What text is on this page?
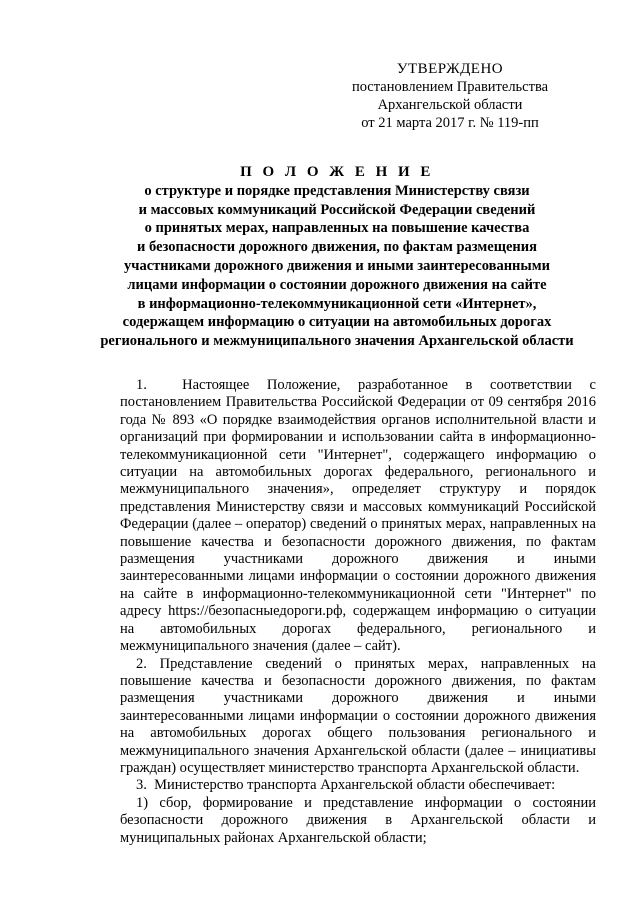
УТВЕРЖДЕНО
постановлением Правительства
Архангельской области
от 21 марта 2017 г. № 119-пп
П О Л О Ж Е Н И Е
о структуре и порядке представления Министерству связи
и массовых коммуникаций Российской Федерации сведений
о принятых мерах, направленных на повышение качества
и безопасности дорожного движения, по фактам размещения
участниками дорожного движения и иными заинтересованными
лицами информации о состоянии дорожного движения на сайте
в информационно-телекоммуникационной сети «Интернет»,
содержащем информацию о ситуации на автомобильных дорогах
регионального и межмуниципального значения Архангельской области

1.  Настоящее Положение, разработанное в соответствии с постановлением Правительства Российской Федерации от 09 сентября 2016 года № 893 «О порядке взаимодействия органов исполнительной власти и организаций при формировании и использовании сайта в информационно-телекоммуникационной сети "Интернет", содержащего информацию о ситуации на автомобильных дорогах федерального, регионального и межмуниципального значения», определяет структуру и порядок представления Министерству связи и массовых коммуникаций Российской Федерации (далее – оператор) сведений о принятых мерах, направленных на повышение качества и безопасности дорожного движения, по фактам размещения участниками дорожного движения и иными заинтересованными лицами информации о состоянии дорожного движения на сайте в информационно-телекоммуникационной сети "Интернет" по адресу https://безопасныедороги.рф, содержащем информацию о ситуации на автомобильных дорогах федерального, регионального и межмуниципального значения (далее – сайт).

2. Представление сведений о принятых мерах, направленных на повышение качества и безопасности дорожного движения, по фактам размещения участниками дорожного движения и иными заинтересованными лицами информации о состоянии дорожного движения на автомобильных дорогах общего пользования регионального и межмуниципального значения Архангельской области (далее – инициативы граждан) осуществляет министерство транспорта Архангельской области.

3.  Министерство транспорта Архангельской области обеспечивает:

1) сбор, формирование и представление информации о состоянии безопасности дорожного движения в Архангельской области и муниципальных районах Архангельской области;
